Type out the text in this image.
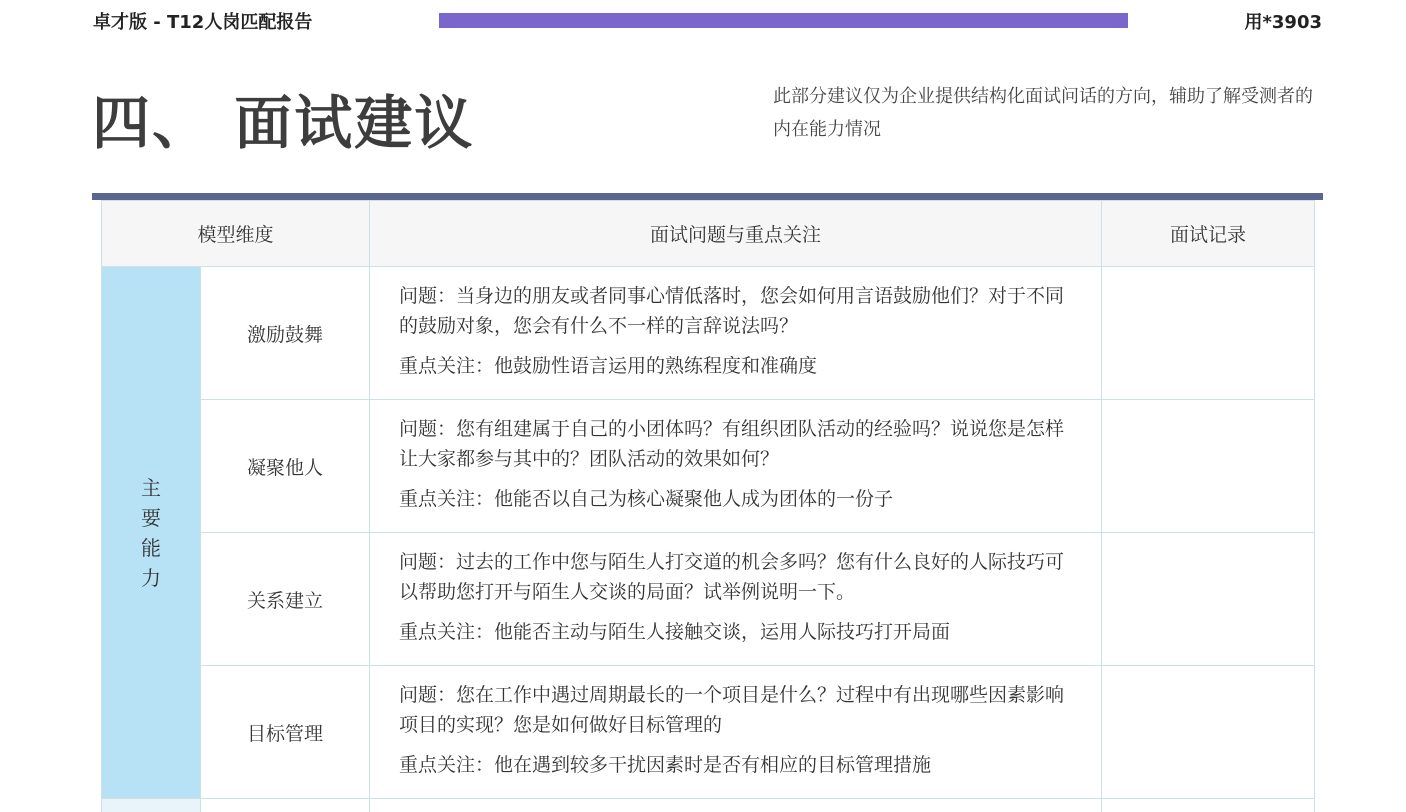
卓才版 - T12人岗匹配报告	用*3903
四、 面试建议	此部分建议仅为企业提供结构化面试问话的方向，辅助了解受测者的内在能力情况
模型维度		面试问题与重点关注	面试记录

主要能力	激励鼓舞	问题：当身边的朋友或者同事心情低落时，您会如何用言语鼓励他们？对于不同的鼓励对象，您会有什么不一样的言辞说法吗？
重点关注：他鼓励性语言运用的熟练程度和准确度	

	凝聚他人	问题：您有组建属于自己的小团体吗？有组织团队活动的经验吗？说说您是怎样让大家都参与其中的？团队活动的效果如何？
重点关注：他能否以自己为核心凝聚他人成为团体的一份子	

	关系建立	问题：过去的工作中您与陌生人打交道的机会多吗？您有什么良好的人际技巧可以帮助您打开与陌生人交谈的局面？试举例说明一下。
重点关注：他能否主动与陌生人接触交谈，运用人际技巧打开局面	

	目标管理	问题：您在工作中遇过周期最长的一个项目是什么？过程中有出现哪些因素影响项目的实现？您是如何做好目标管理的
重点关注：他在遇到较多干扰因素时是否有相应的目标管理措施	
